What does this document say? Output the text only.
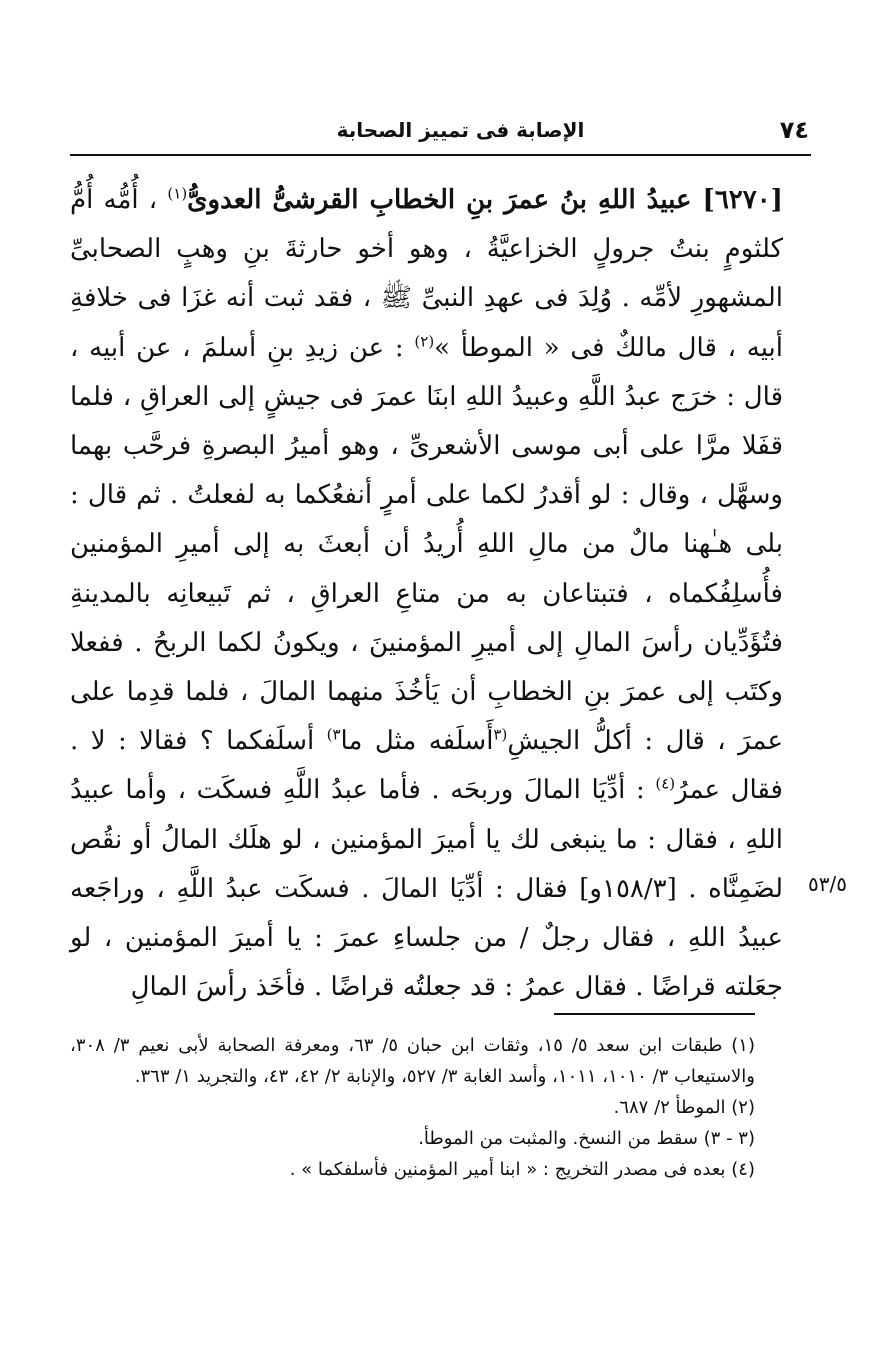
٧٤
الإصابة فى تمييز الصحابة

[٦٢٧٠] عبيدُ اللهِ بنُ عمرَ بنِ الخطابِ القرشىُّ العدوىُّ$^{(١)}$ ، أُمُّه أُمُّ كلثومٍ بنتُ جرولٍ الخزاعيَّةُ ، وهو أخو حارثةَ بنِ وهبٍ الصحابىِّ المشهورِ لأمِّه . وُلِدَ فى عهدِ النبىِّ ﷺ ، فقد ثبت أنه غزَا فى خلافةِ أبيه ، قال مالكٌ فى « الموطأ »$^{(٢)}$ : عن زيدِ بنِ أسلمَ ، عن أبيه ، قال : خرَج عبدُ اللَّهِ وعبيدُ اللهِ ابنَا عمرَ فى جيشٍ إلى العراقِ ، فلما قفَلا مرَّا على أبى موسى الأشعرىِّ ، وهو أميرُ البصرةِ فرحَّب بهما وسهَّل ، وقال : لو أقدرُ لكما على أمرٍ أنفعُكما به لفعلتُ . ثم قال : بلى هـٰهنا مالٌ من مالِ اللهِ أُريدُ أن أبعثَ به إلى أميرِ المؤمنين فأُسلِفُكماه ، فتبتاعان به من متاعِ العراقِ ، ثم تَبيعانِه بالمدينةِ فتُؤَدِّيان رأسَ المالِ إلى أميرِ المؤمنينَ ، ويكونُ لكما الربحُ . ففعلا وكتَب إلى عمرَ بنِ الخطابِ أن يَأخُذَ منهما المالَ ، فلما قدِما على عمرَ ، قال : أكلُّ الجيشِ$^{(٣}$أَسلَفه مثل ما$^{٣)}$ أسلَفكما ؟ فقالا : لا . فقال عمرُ$^{(٤)}$ : أدِّيَا المالَ وربحَه . فأما عبدُ اللَّهِ فسكَت ، وأما عبيدُ اللهِ ، فقال : ما ينبغى لك يا أميرَ المؤمنين ، لو هلَك المالُ أو نقُص لضَمِنَّاه . [١٥٨/٣و] فقال : أدِّيَا المالَ . فسكَت عبدُ اللَّهِ ، وراجَعه عبيدُ اللهِ ، فقال رجلٌ / من جلساءِ عمرَ : يا أميرَ المؤمنين ، لو جعَلته قراضًا . فقال عمرُ : قد جعلتُه قراضًا . فأخَذ رأسَ المالِ

٥٣/٥

(١) طبقات ابن سعد ٥/ ١٥، وثقات ابن حبان ٥/ ٦٣، ومعرفة الصحابة لأبى نعيم ٣/ ٣٠٨، والاستيعاب ٣/ ١٠١٠، ١٠١١، وأسد الغابة ٣/ ٥٢٧، والإنابة ٢/ ٤٢، ٤٣، والتجريد ١/ ٣٦٣.

(٢) الموطأ ٢/ ٦٨٧.

(٣ - ٣) سقط من النسخ. والمثبت من الموطأ.

(٤) بعده فى مصدر التخريج : « ابنا أمير المؤمنين فأسلفكما » .
